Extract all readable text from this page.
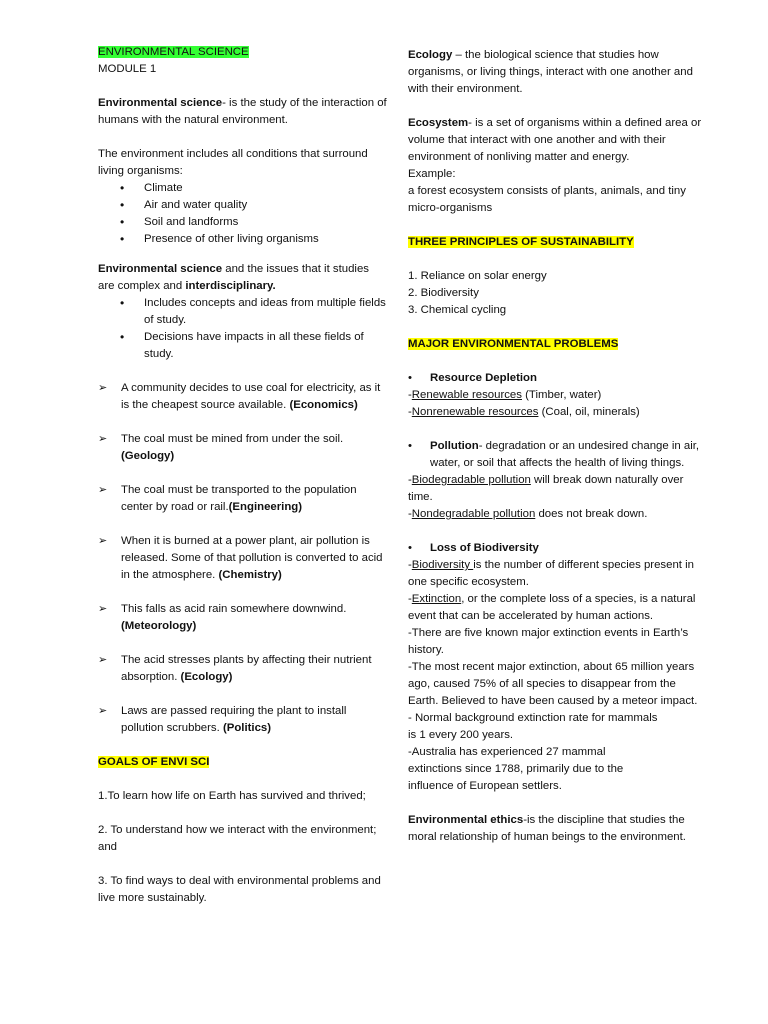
ENVIRONMENTAL SCIENCE

MODULE 1

Environmental science- is the study of the interaction of humans with the natural environment.

The environment includes all conditions that surround living organisms:

• Climate
• Air and water quality
• Soil and landforms
• Presence of other living organisms

Environmental science and the issues that it studies are complex and interdisciplinary.

• Includes concepts and ideas from multiple fields of study.
• Decisions have impacts in all these fields of study.
➢ A community decides to use coal for electricity, as it is the cheapest source available. (Economics)
➢ The coal must be mined from under the soil.(Geology)
➢ The coal must be transported to the population center by road or rail.(Engineering)
➢ When it is burned at a power plant, air pollution is released. Some of that pollution is converted to acid in the atmosphere. (Chemistry)
➢ This falls as acid rain somewhere downwind. (Meteorology)
➢ The acid stresses plants by affecting their nutrient absorption. (Ecology)
➢ Laws are passed requiring the plant to install pollution scrubbers. (Politics)

GOALS OF ENVI SCI

1.To learn how life on Earth has survived and thrived;

2. To understand how we interact with the environment; and

3. To find ways to deal with environmental problems and live more sustainably.

Ecology – the biological science that studies how organisms, or living things, interact with one another and with their environment.

Ecosystem- is a set of organisms within a defined area or volume that interact with one another and with their environment of nonliving matter and energy.

Example:

a forest ecosystem consists of plants, animals, and tiny micro-organisms

THREE PRINCIPLES OF SUSTAINABILITY

1. Reliance on solar energy

2. Biodiversity

3. Chemical cycling

MAJOR ENVIRONMENTAL PROBLEMS

• Resource Depletion

-Renewable resources (Timber, water)

-Nonrenewable resources (Coal, oil, minerals)

• Pollution- degradation or an undesired change in air, water, or soil that affects the health of living things.

-Biodegradable pollution will break down naturally over time.

-Nondegradable pollution does not break down.

• Loss of Biodiversity

-Biodiversity is the number of different species present in one specific ecosystem.

-Extinction, or the complete loss of a species, is a natural event that can be accelerated by human actions.

-There are five known major extinction events in Earth’s history.

-The most recent major extinction, about 65 million years ago, caused 75% of all species to disappear from the Earth. Believed to have been caused by a meteor impact.

- Normal background extinction rate for mammals is 1 every 200 years.

-Australia has experienced 27 mammal extinctions since 1788, primarily due to the influence of European settlers.

Environmental ethics-is the discipline that studies the moral relationship of human beings to the environment.
